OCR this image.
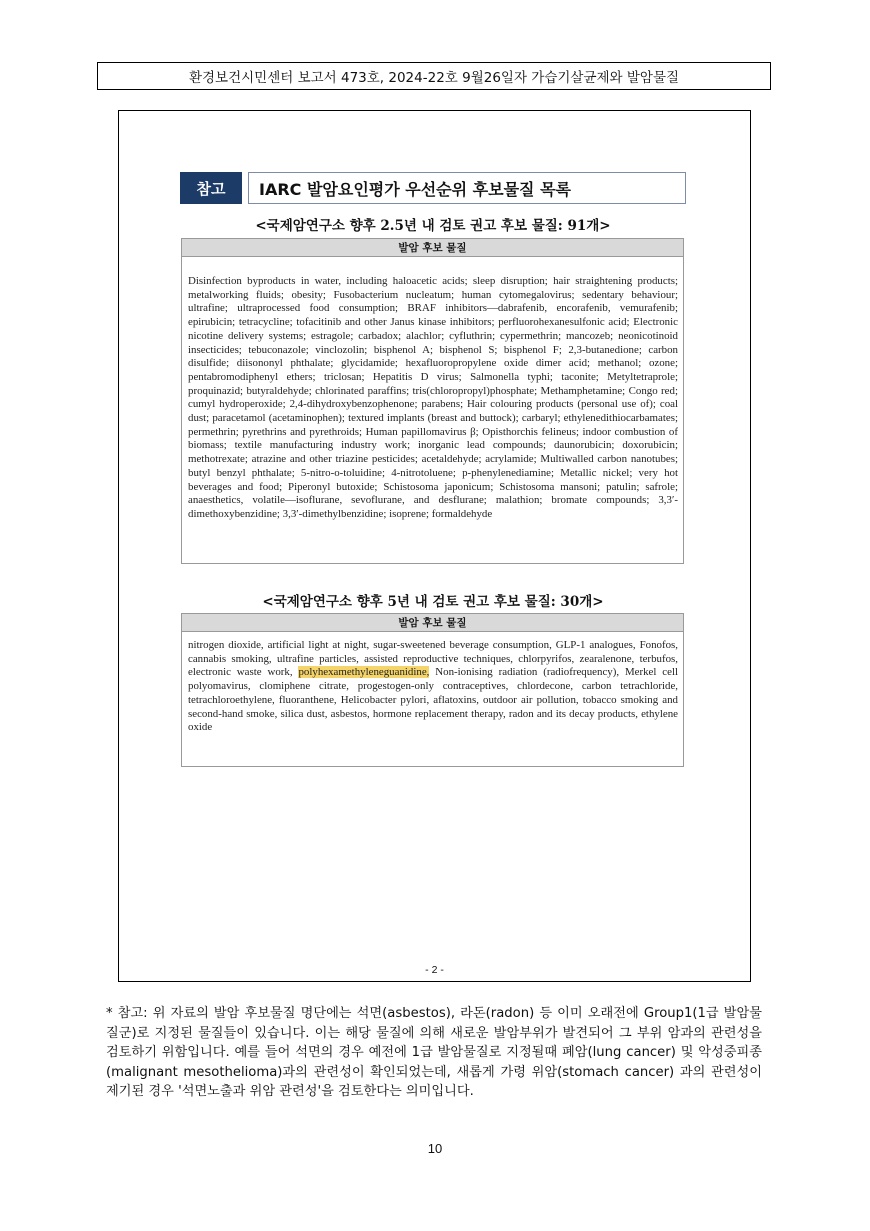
환경보건시민센터 보고서 473호, 2024-22호 9월26일자 가습기살균제와 발암물질
참고	IARC 발암요인평가 우선순위 후보물질 목록
<국제암연구소 향후 2.5년 내 검토 권고 후보 물질: 91개>
발암 후보 물질
Disinfection byproducts in water, including haloacetic acids; sleep disruption; hair straightening products; metalworking fluids; obesity; Fusobacterium nucleatum; human cytomegalovirus; sedentary behaviour; ultrafine; ultraprocessed food consumption; BRAF inhibitors—dabrafenib, encorafenib, vemurafenib; epirubicin; tetracycline; tofacitinib and other Janus kinase inhibitors; perfluorohexanesulfonic acid; Electronic nicotine delivery systems; estragole; carbadox; alachlor; cyfluthrin; cypermethrin; mancozeb; neonicotinoid insecticides; tebuconazole; vinclozolin; bisphenol A; bisphenol S; bisphenol F; 2,3-butanedione; carbon disulfide; diisononyl phthalate; glycidamide; hexafluoropropylene oxide dimer acid; methanol; ozone; pentabromodiphenyl ethers; triclosan; Hepatitis D virus; Salmonella typhi; taconite; Metyltetraprole; proquinazid; butyraldehyde; chlorinated paraffins; tris(chloropropyl)phosphate; Methamphetamine; Congo red; cumyl hydroperoxide; 2,4-dihydroxybenzophenone; parabens; Hair colouring products (personal use of); coal dust; paracetamol (acetaminophen); textured implants (breast and buttock); carbaryl; ethylenedithiocarbamates; permethrin; pyrethrins and pyrethroids; Human papillomavirus β; Opisthorchis felineus; indoor combustion of biomass; textile manufacturing industry work; inorganic lead compounds; daunorubicin; doxorubicin; methotrexate; atrazine and other triazine pesticides; acetaldehyde; acrylamide; Multiwalled carbon nanotubes; butyl benzyl phthalate; 5-nitro-o-toluidine; 4-nitrotoluene; p-phenylenediamine; Metallic nickel; very hot beverages and food; Piperonyl butoxide; Schistosoma japonicum; Schistosoma mansoni; patulin; safrole; anaesthetics, volatile—isoflurane, sevoflurane, and desflurane; malathion; bromate compounds; 3,3′-dimethoxybenzidine; 3,3′-dimethylbenzidine; isoprene; formaldehyde
<국제암연구소 향후 5년 내 검토 권고 후보 물질: 30개>
발암 후보 물질
nitrogen dioxide, artificial light at night, sugar-sweetened beverage consumption, GLP-1 analogues, Fonofos, cannabis smoking, ultrafine particles, assisted reproductive techniques, chlorpyrifos, zearalenone, terbufos, electronic waste work, polyhexamethyleneguanidine, Non-ionising radiation (radiofrequency), Merkel cell polyomavirus, clomiphene citrate, progestogen-only contraceptives, chlordecone, carbon tetrachloride, tetrachloroethylene, fluoranthene, Helicobacter pylori, aflatoxins, outdoor air pollution, tobacco smoking and second-hand smoke, silica dust, asbestos, hormone replacement therapy, radon and its decay products, ethylene oxide
- 2 -
* 참고: 위 자료의 발암 후보물질 명단에는 석면(asbestos), 라돈(radon) 등 이미 오래전에 Group1(1급 발암물질군)로 지정된 물질들이 있습니다. 이는 해당 물질에 의해 새로운 발암부위가 발견되어 그 부위 암과의 관련성을 검토하기 위함입니다. 예를 들어 석면의 경우 예전에 1급 발암물질로 지정될때 폐암(lung cancer) 및 악성중피종(malignant mesothelioma)과의 관련성이 확인되었는데, 새롭게 가령 위암(stomach cancer) 과의 관련성이 제기된 경우 '석면노출과 위암 관련성'을 검토한다는 의미입니다.
10
